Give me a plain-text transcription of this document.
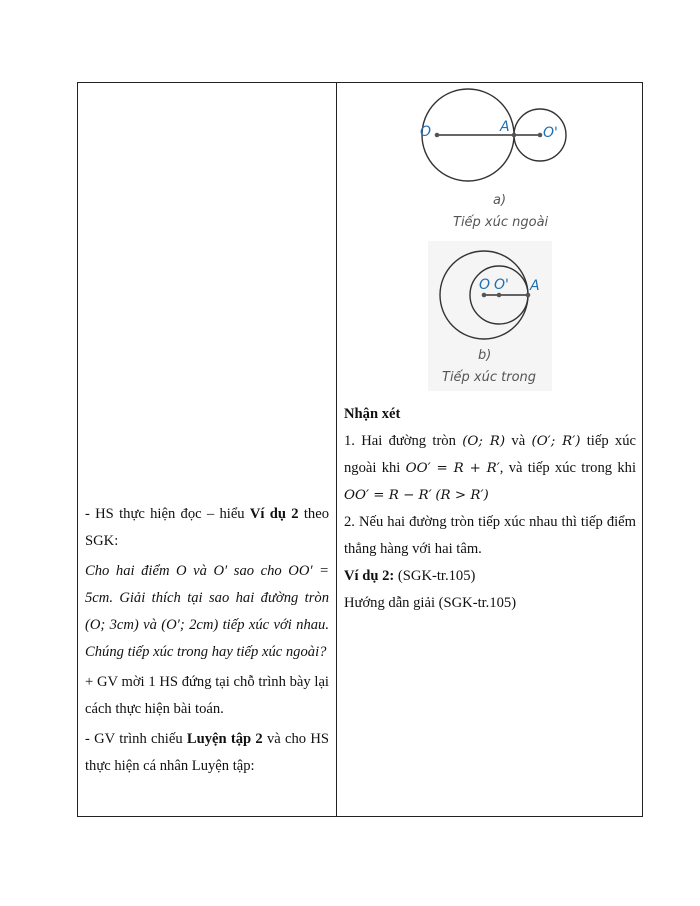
O	A O'
a)
Tiếp xúc ngoài
O O' A
b)
Tiếp xúc trong

- HS thực hiện đọc – hiểu Ví dụ 2 theo SGK:

Cho hai điểm O và O′ sao cho OO′ = 5cm. Giải thích tại sao hai đường tròn (O; 3cm) và (O′; 2cm) tiếp xúc với nhau. Chúng tiếp xúc trong hay tiếp xúc ngoài?

+ GV mời 1 HS đứng tại chỗ trình bày lại cách thực hiện bài toán.

- GV trình chiếu Luyện tập 2 và cho HS thực hiện cá nhân Luyện tập:

Nhận xét

1. Hai đường tròn (O; R) và (O′; R′) tiếp xúc ngoài khi OO′ = R + R′, và tiếp xúc trong khi OO′ = R − R′ (R > R′)

2. Nếu hai đường tròn tiếp xúc nhau thì tiếp điểm thẳng hàng với hai tâm.

Ví dụ 2: (SGK-tr.105)

Hướng dẫn giải (SGK-tr.105)
